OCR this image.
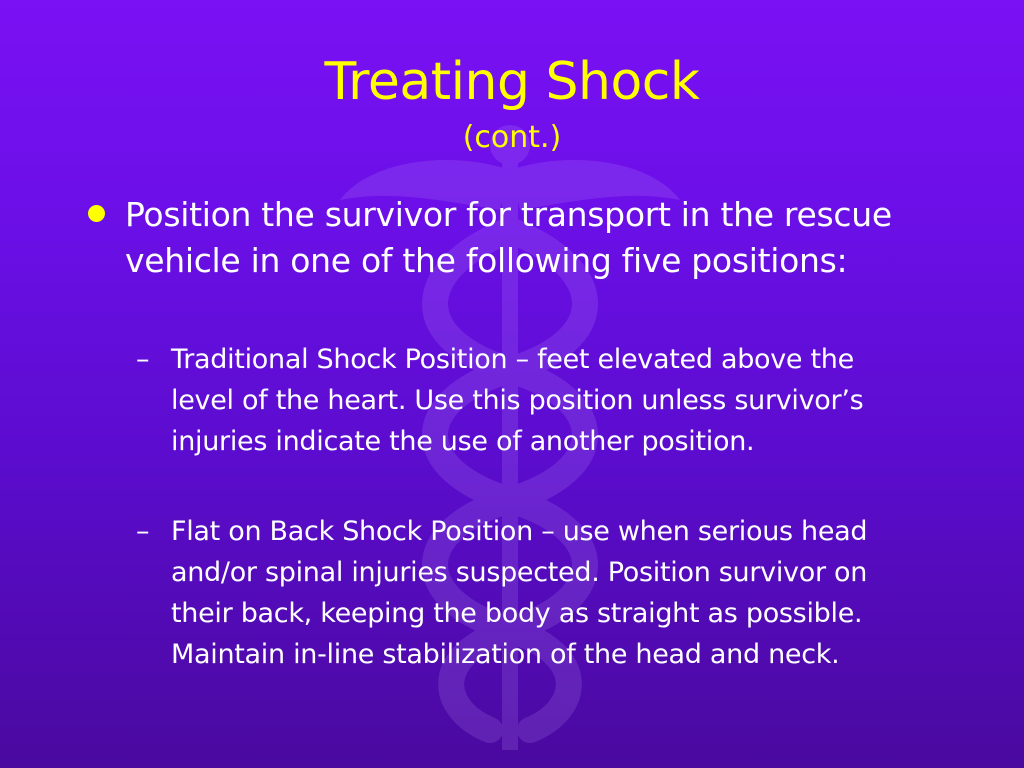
Treating Shock
(cont.)
Position the survivor for transport in the rescue vehicle in one of the following five positions:
– Traditional Shock Position – feet elevated above the level of the heart. Use this position unless survivor’s injuries indicate the use of another position.
– Flat on Back Shock Position – use when serious head and/or spinal injuries suspected. Position survivor on their back, keeping the body as straight as possible. Maintain in-line stabilization of the head and neck.
